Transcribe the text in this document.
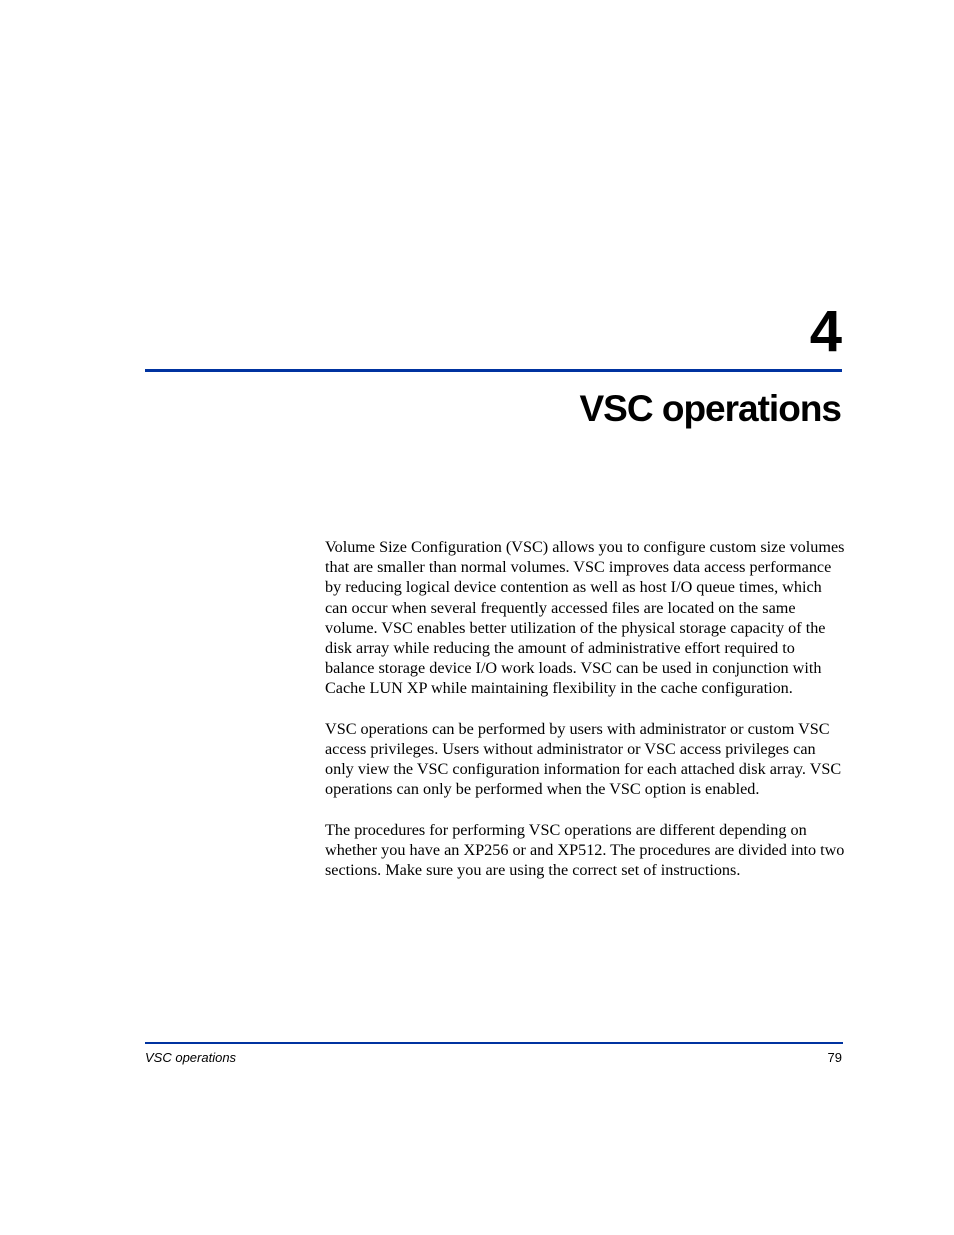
4
VSC operations

Volume Size Configuration (VSC) allows you to configure custom size volumes that are smaller than normal volumes. VSC improves data access performance by reducing logical device contention as well as host I/O queue times, which can occur when several frequently accessed files are located on the same volume. VSC enables better utilization of the physical storage capacity of the disk array while reducing the amount of administrative effort required to balance storage device I/O work loads. VSC can be used in conjunction with Cache LUN XP while maintaining flexibility in the cache configuration.

VSC operations can be performed by users with administrator or custom VSC access privileges. Users without administrator or VSC access privileges can only view the VSC configuration information for each attached disk array. VSC operations can only be performed when the VSC option is enabled.

The procedures for performing VSC operations are different depending on whether you have an XP256 or and XP512. The procedures are divided into two sections. Make sure you are using the correct set of instructions.

VSC operations	79
